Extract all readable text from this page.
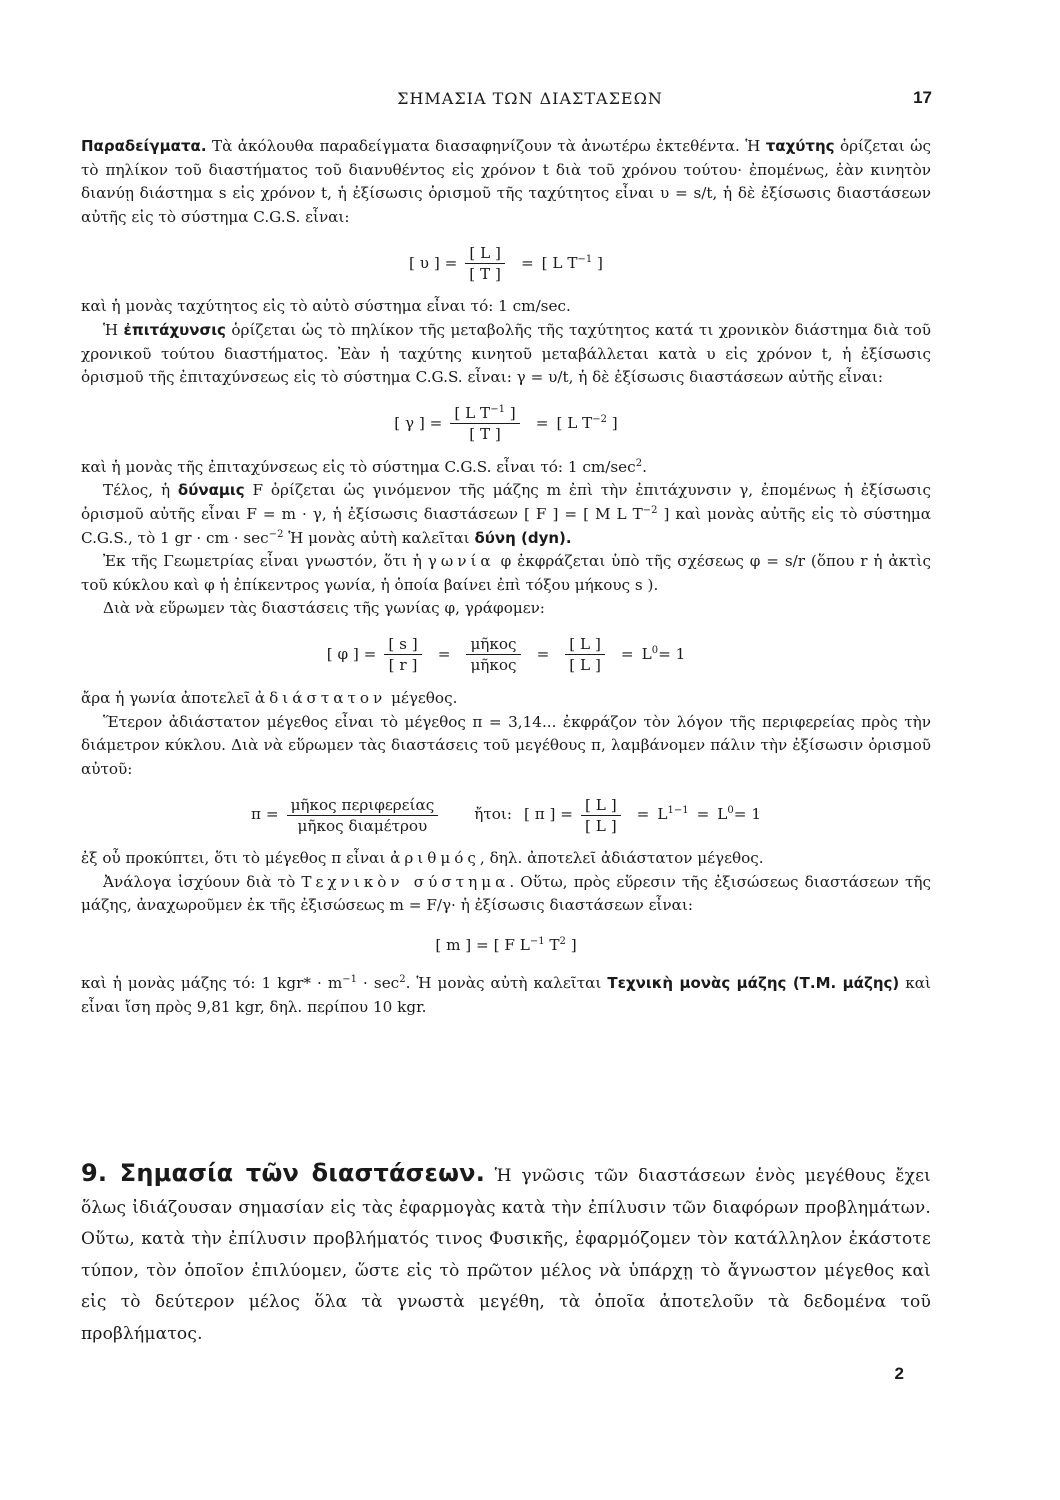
ΣΗΜΑΣΙΑ ΤΩΝ ΔΙΑΣΤΑΣΕΩΝ	17

Παραδείγματα. Τὰ ἀκόλουθα παραδείγματα διασαφηνίζουν τὰ ἀνωτέρω ἐκτεθέντα. Ἡ ταχύτης ὁρίζεται ὡς τὸ πηλίκον τοῦ διαστήματος τοῦ διανυθέντος εἰς χρόνον t διὰ τοῦ χρόνου τούτου· ἐπομένως, ἐὰν κινητὸν διανύῃ διάστημα s εἰς χρόνον t, ἡ ἐξίσωσις ὁρισμοῦ τῆς ταχύτητος εἶναι υ = s/t, ἡ δὲ ἐξίσωσις διαστάσεων αὐτῆς εἰς τὸ σύστημα C.G.S. εἶναι:

[ υ ] = $\frac{[ L ]}{[ T ]}$ = [ L $T^{-1}$ ]

καὶ ἡ μονὰς ταχύτητος εἰς τὸ αὐτὸ σύστημα εἶναι τό: 1 cm/sec.

Ἡ ἐπιτάχυνσις ὁρίζεται ὡς τὸ πηλίκον τῆς μεταβολῆς τῆς ταχύτητος κατά τι χρονικὸν διάστημα διὰ τοῦ χρονικοῦ τούτου διαστήματος. Ἐὰν ἡ ταχύτης κινητοῦ μεταβάλλεται κατὰ υ εἰς χρόνον t, ἡ ἐξίσωσις ὁρισμοῦ τῆς ἐπιταχύνσεως εἰς τὸ σύστημα C.G.S. εἶναι: γ = υ/t, ἡ δὲ ἐξίσωσις διαστάσεων αὐτῆς εἶναι:

[ γ ] = $\frac{[ L T^{-1} ]}{[ T ]}$ = [ L $T^{-2}$ ]

καὶ ἡ μονὰς τῆς ἐπιταχύνσεως εἰς τὸ σύστημα C.G.S. εἶναι τό: 1 $cm/\sec^2$.

Τέλος, ἡ δύναμις F ὁρίζεται ὡς γινόμενον τῆς μάζης m ἐπὶ τὴν ἐπιτάχυνσιν γ, ἐπομένως ἡ ἐξίσωσις ὁρισμοῦ αὐτῆς εἶναι F = m · γ, ἡ ἐξίσωσις διαστάσεων [ F ] = [ M L $T^{-2}$ ] καὶ μονὰς αὐτῆς εἰς τὸ σύστημα C.G.S., τὸ 1 gr · cm · $\sec^{-2}$ Ἡ μονὰς αὐτὴ καλεῖται δύνη (dyn).

Ἐκ τῆς Γεωμετρίας εἶναι γνωστόν, ὅτι ἡ γωνία φ ἐκφράζεται ὑπὸ τῆς σχέσεως φ = s/r (ὅπου r ἡ ἀκτὶς τοῦ κύκλου καὶ φ ἡ ἐπίκεντρος γωνία, ἡ ὁποία βαίνει ἐπὶ τόξου μήκους s ).

Διὰ νὰ εὕρωμεν τὰς διαστάσεις τῆς γωνίας φ, γράφομεν:

[ φ ] = $\frac{[ s ]}{[ r ]} = \frac{\text{μῆκος}}{\text{μῆκος}} = \frac{[ L ]}{[ L ]} = L^0= 1$

ἄρα ἡ γωνία ἀποτελεῖ ἀδιάστατον μέγεθος.

Ἕτερον ἀδιάστατον μέγεθος εἶναι τὸ μέγεθος π = 3,14... ἐκφράζον τὸν λόγον τῆς περιφερείας πρὸς τὴν διάμετρον κύκλου. Διὰ νὰ εὕρωμεν τὰς διαστάσεις τοῦ μεγέθους π, λαμβάνομεν πάλιν τὴν ἐξίσωσιν ὁρισμοῦ αὐτοῦ:

$\pi = \frac{\text{μῆκος περιφερείας}}{\text{μῆκος διαμέτρου}}$ ἤτοι: [ π ] = $\frac{[ L ]}{[ L ]} = L^{1-1} = L^0= 1$

ἐξ οὗ προκύπτει, ὅτι τὸ μέγεθος π εἶναι ἀριθμός, δηλ. ἀποτελεῖ ἀδιάστατον μέγεθος.

Ἀνάλογα ἰσχύουν διὰ τὸ Τεχνικὸν σύστημα. Οὕτω, πρὸς εὕρεσιν τῆς ἐξισώσεως διαστάσεων τῆς μάζης, ἀναχωροῦμεν ἐκ τῆς ἐξισώσεως m = F/γ· ἡ ἐξίσωσις διαστάσεων εἶναι:

[ m ] = [ F $L^{-1}$ $T^2$ ]

καὶ ἡ μονὰς μάζης τό: 1 $kgr* \cdot m^{-1} \cdot \sec^2$. Ἡ μονὰς αὐτὴ καλεῖται Τεχνικὴ μονὰς μάζης (Τ.Μ. μάζης) καὶ εἶναι ἴση πρὸς 9,81 kgr, δηλ. περίπου 10 kgr.

9. Σημασία τῶν διαστάσεων. Ἡ γνῶσις τῶν διαστάσεων ἑνὸς μεγέθους ἔχει ὅλως ἰδιάζουσαν σημασίαν εἰς τὰς ἐφαρμογὰς κατὰ τὴν ἐπίλυσιν τῶν διαφόρων προβλημάτων. Οὕτω, κατὰ τὴν ἐπίλυσιν προβλήματός τινος Φυσικῆς, ἐφαρμόζομεν τὸν κατάλληλον ἑκάστοτε τύπον, τὸν ὁποῖον ἐπιλύομεν, ὥστε εἰς τὸ πρῶτον μέλος νὰ ὑπάρχῃ τὸ ἄγνωστον μέγεθος καὶ εἰς τὸ δεύτερον μέλος ὅλα τὰ γνωστὰ μεγέθη, τὰ ὁποῖα ἀποτελοῦν τὰ δεδομένα τοῦ προβλήματος.

2
